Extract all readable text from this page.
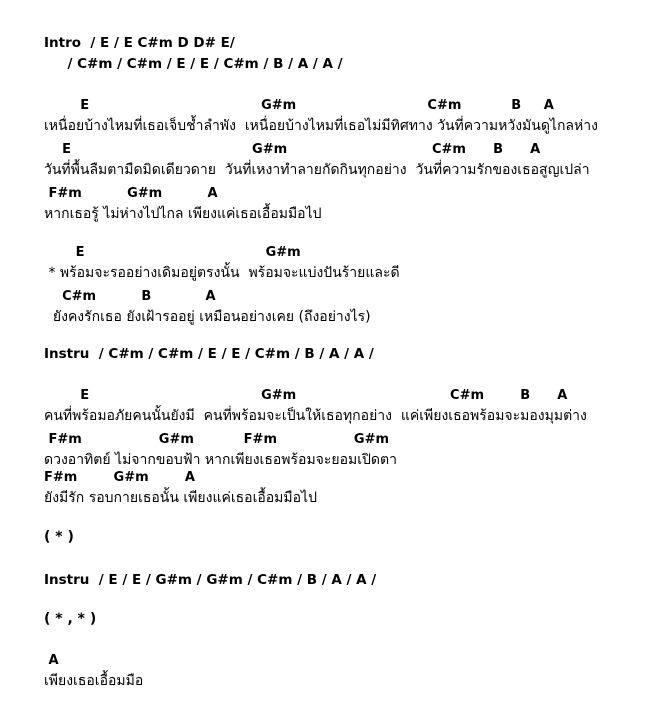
Intro  / E / E C#m D D# E/
/ C#m / C#m / E / E / C#m / B / A / A /
E                                      G#m                             C#m           B     A
เหนื่อยบ้างไหมที่เธอเจ็บช้ำลำพัง  เหนื่อยบ้างไหมที่เธอไม่มีทิศทาง วันที่ความหวังมันดูไกลห่าง
E                                        G#m                                C#m      B      A
วันที่พื้นลืมตามืดมิดเดียวดาย  วันที่เหงาทำลายกัดกินทุกอย่าง  วันที่ความรักของเธอสูญเปล่า
F#m          G#m          A
หากเธอรู้ ไม่ห่างไปไกล เพียงแค่เธอเอื้อมมือไป
E                                        G#m
* พร้อมจะรออย่างเดิมอยู่ตรงนั้น  พร้อมจะแบ่งปันร้ายและดี
C#m          B            A
ยังคงรักเธอ ยังเฝ้ารออยู่ เหมือนอย่างเคย (ถึงอย่างไร)
Instru  / C#m / C#m / E / E / C#m / B / A / A /
E                                      G#m                                  C#m        B      A
คนที่พร้อมอภัยคนนั้นยังมี  คนที่พร้อมจะเป็นให้เธอทุกอย่าง  แค่เพียงเธอพร้อมจะมองมุมต่าง
F#m                 G#m           F#m                 G#m
ดวงอาทิตย์ ไม่จากขอบฟ้า หากเพียงเธอพร้อมจะยอมเปิดตา
F#m        G#m        A
ยังมีรัก รอบกายเธอนั้น เพียงแค่เธอเอื้อมมือไป
( * )
Instru  / E / E / G#m / G#m / C#m / B / A / A /
( * , * )
A
เพียงเธอเอื้อมมือ
